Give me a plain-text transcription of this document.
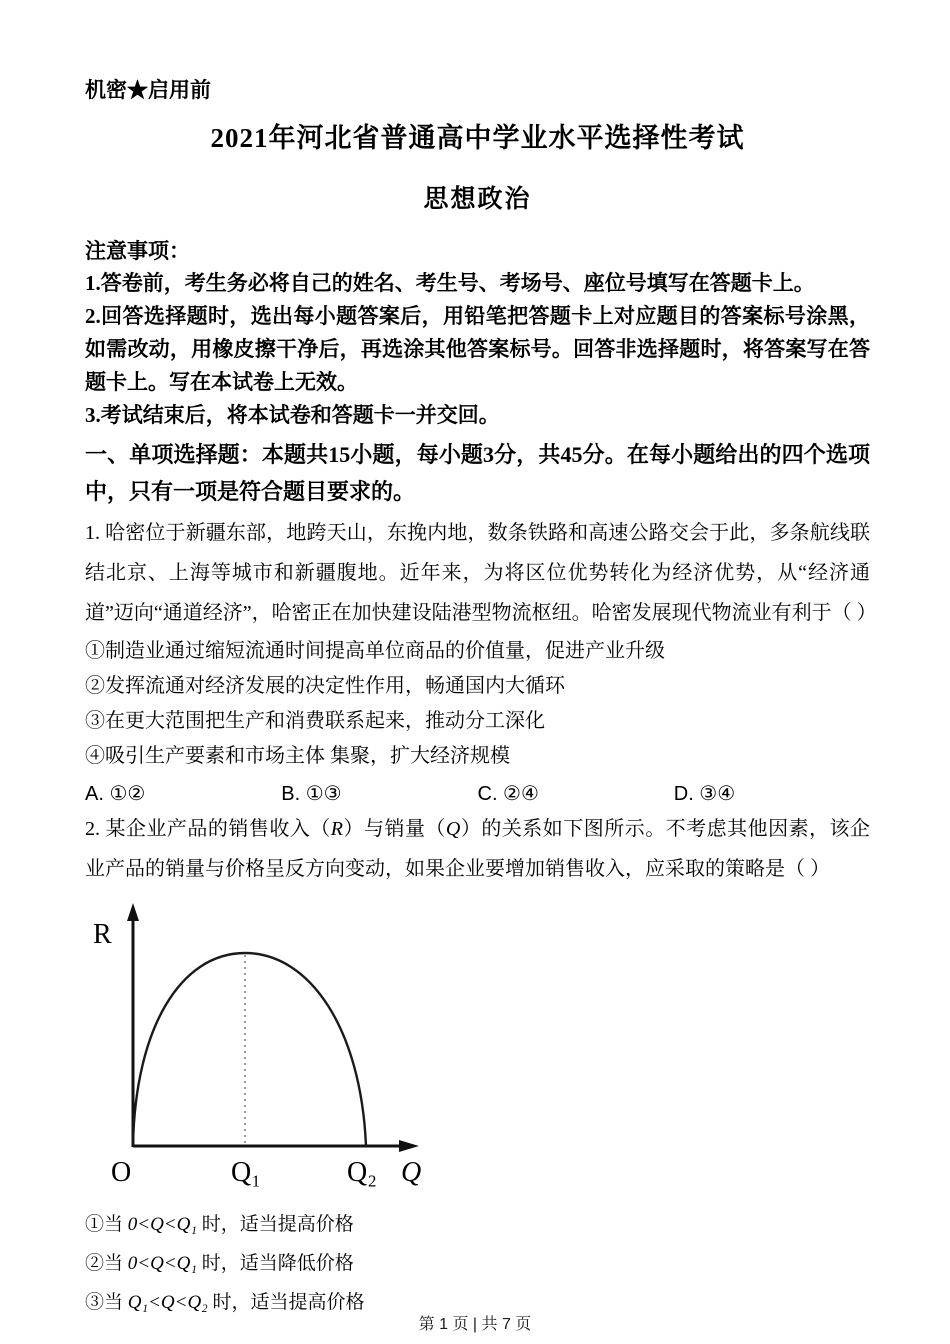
机密★启用前
2021年河北省普通高中学业水平选择性考试
思想政治
注意事项：
1.答卷前，考生务必将自己的姓名、考生号、考场号、座位号填写在答题卡上。
2.回答选择题时，选出每小题答案后，用铅笔把答题卡上对应题目的答案标号涂黑，如需改动，用橡皮擦干净后，再选涂其他答案标号。回答非选择题时，将答案写在答题卡上。写在本试卷上无效。
3.考试结束后，将本试卷和答题卡一并交回。
一、单项选择题：本题共15小题，每小题3分，共45分。在每小题给出的四个选项中，只有一项是符合题目要求的。
1. 哈密位于新疆东部，地跨天山，东挽内地，数条铁路和高速公路交会于此，多条航线联结北京、上海等城市和新疆腹地。近年来，为将区位优势转化为经济优势，从“经济通道”迈向“通道经济”，哈密正在加快建设陆港型物流枢纽。哈密发展现代物流业有利于（ ）
①制造业通过缩短流通时间提高单位商品的价值量，促进产业升级
②发挥流通对经济发展的决定性作用，畅通国内大循环
③在更大范围把生产和消费联系起来，推动分工深化
④吸引生产要素和市场主体 集聚，扩大经济规模
A. ①②	B. ①③	C. ②④	D. ③④
2. 某企业产品的销售收入（R）与销量（Q）的关系如下图所示。不考虑其他因素，该企业产品的销量与价格呈反方向变动，如果企业要增加销售收入，应采取的策略是（ ）
R
O	Q₁	Q₂ Q
①当 0<Q<Q₁ 时，适当提高价格
②当 0<Q<Q₁ 时，适当降低价格
③当 Q₁<Q<Q₂ 时，适当提高价格
第 1 页 | 共 7 页
